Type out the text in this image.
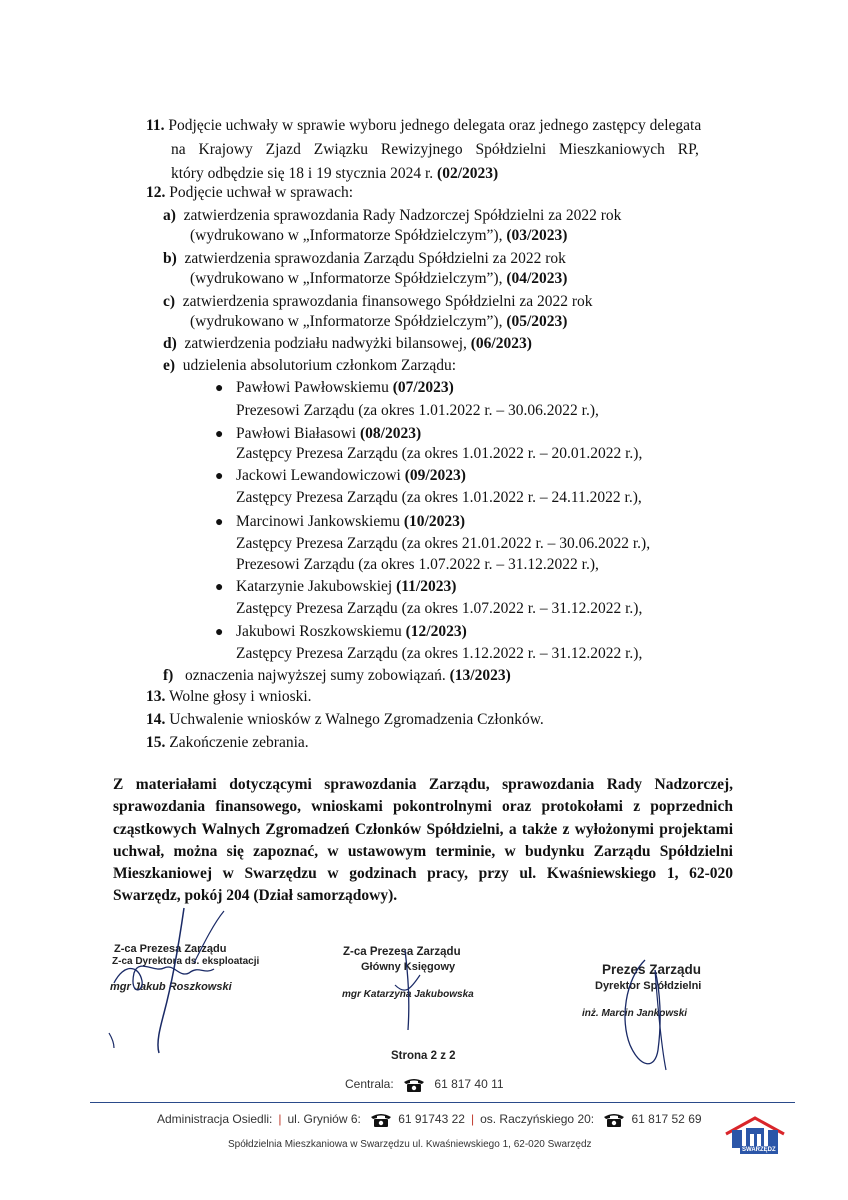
11. Podjęcie uchwały w sprawie wyboru jednego delegata oraz jednego zastępcy delegata
na Krajowy Zjazd Związku Rewizyjnego Spółdzielni Mieszkaniowych RP,
który odbędzie się 18 i 19 stycznia 2024 r. (02/2023)
12. Podjęcie uchwał w sprawach:
a) zatwierdzenia sprawozdania Rady Nadzorczej Spółdzielni za 2022 rok
(wydrukowano w „Informatorze Spółdzielczym”), (03/2023)
b) zatwierdzenia sprawozdania Zarządu Spółdzielni za 2022 rok
(wydrukowano w „Informatorze Spółdzielczym”), (04/2023)
c) zatwierdzenia sprawozdania finansowego Spółdzielni za 2022 rok
(wydrukowano w „Informatorze Spółdzielczym”), (05/2023)
d) zatwierdzenia podziału nadwyżki bilansowej, (06/2023)
e) udzielenia absolutorium członkom Zarządu:
● Pawłowi Pawłowskiemu (07/2023)
Prezesowi Zarządu (za okres 1.01.2022 r. – 30.06.2022 r.),
● Pawłowi Białasowi (08/2023)
Zastępcy Prezesa Zarządu (za okres 1.01.2022 r. – 20.01.2022 r.),
● Jackowi Lewandowiczowi (09/2023)
Zastępcy Prezesa Zarządu (za okres 1.01.2022 r. – 24.11.2022 r.),
● Marcinowi Jankowskiemu (10/2023)
Zastępcy Prezesa Zarządu (za okres 21.01.2022 r. – 30.06.2022 r.),
Prezesowi Zarządu (za okres 1.07.2022 r. – 31.12.2022 r.),
● Katarzynie Jakubowskiej (11/2023)
Zastępcy Prezesa Zarządu (za okres 1.07.2022 r. – 31.12.2022 r.),
● Jakubowi Roszkowskiemu (12/2023)
Zastępcy Prezesa Zarządu (za okres 1.12.2022 r. – 31.12.2022 r.),
f) oznaczenia najwyższej sumy zobowiązań. (13/2023)
13. Wolne głosy i wnioski.
14. Uchwalenie wniosków z Walnego Zgromadzenia Członków.
15. Zakończenie zebrania.
Z materiałami dotyczącymi sprawozdania Zarządu, sprawozdania Rady Nadzorczej, sprawozdania finansowego, wnioskami pokontrolnymi oraz protokołami z poprzednich cząstkowych Walnych Zgromadzeń Członków Spółdzielni, a także z wyłożonymi projektami uchwał, można się zapoznać, w ustawowym terminie, w budynku Zarządu Spółdzielni Mieszkaniowej w Swarzędzu w godzinach pracy, przy ul. Kwaśniewskiego 1, 62-020 Swarzędz, pokój 204 (Dział samorządowy).
Z-ca Prezesa Zarządu
Z-ca Dyrektora ds. eksploatacji
mgr Jakub Roszkowski
Z-ca Prezesa Zarządu
Główny Księgowy
mgr Katarzyna Jakubowska
Prezes Zarządu
Dyrektor Spółdzielni
inż. Marcin Jankowski
Strona 2 z 2
Centrala:	61 817 40 11
Administracja Osiedli: | ul. Gryniów 6:	61 91743 22 | os. Raczyńskiego 20:	61 817 52 69
Spółdzielnia Mieszkaniowa w Swarzędzu ul. Kwaśniewskiego 1, 62-020 Swarzędz	SWARZĘDZ
